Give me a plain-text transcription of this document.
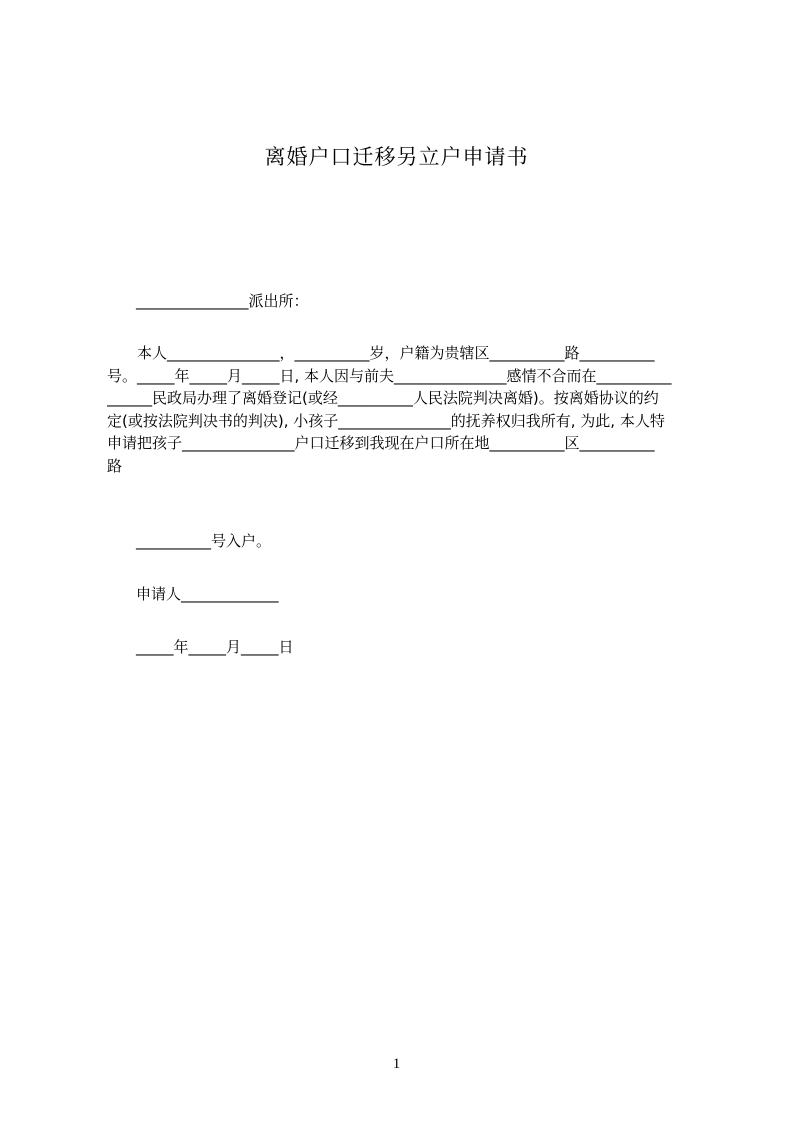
离婚户口迁移另立户申请书
_______________派出所：
　　本人_______________，__________岁，户籍为贵辖区__________路__________
号。_____年_____月_____日, 本人因与前夫_______________感情不合而在__________
______民政局办理了离婚登记(或经__________人民法院判决离婚)。按离婚协议的约
定(或按法院判决书的判决), 小孩子_______________的抚养权归我所有, 为此, 本人特
申请把孩子_______________户口迁移到我现在户口所在地__________区__________
路
__________号入户。
申请人_____________
_____年_____月_____日
1
